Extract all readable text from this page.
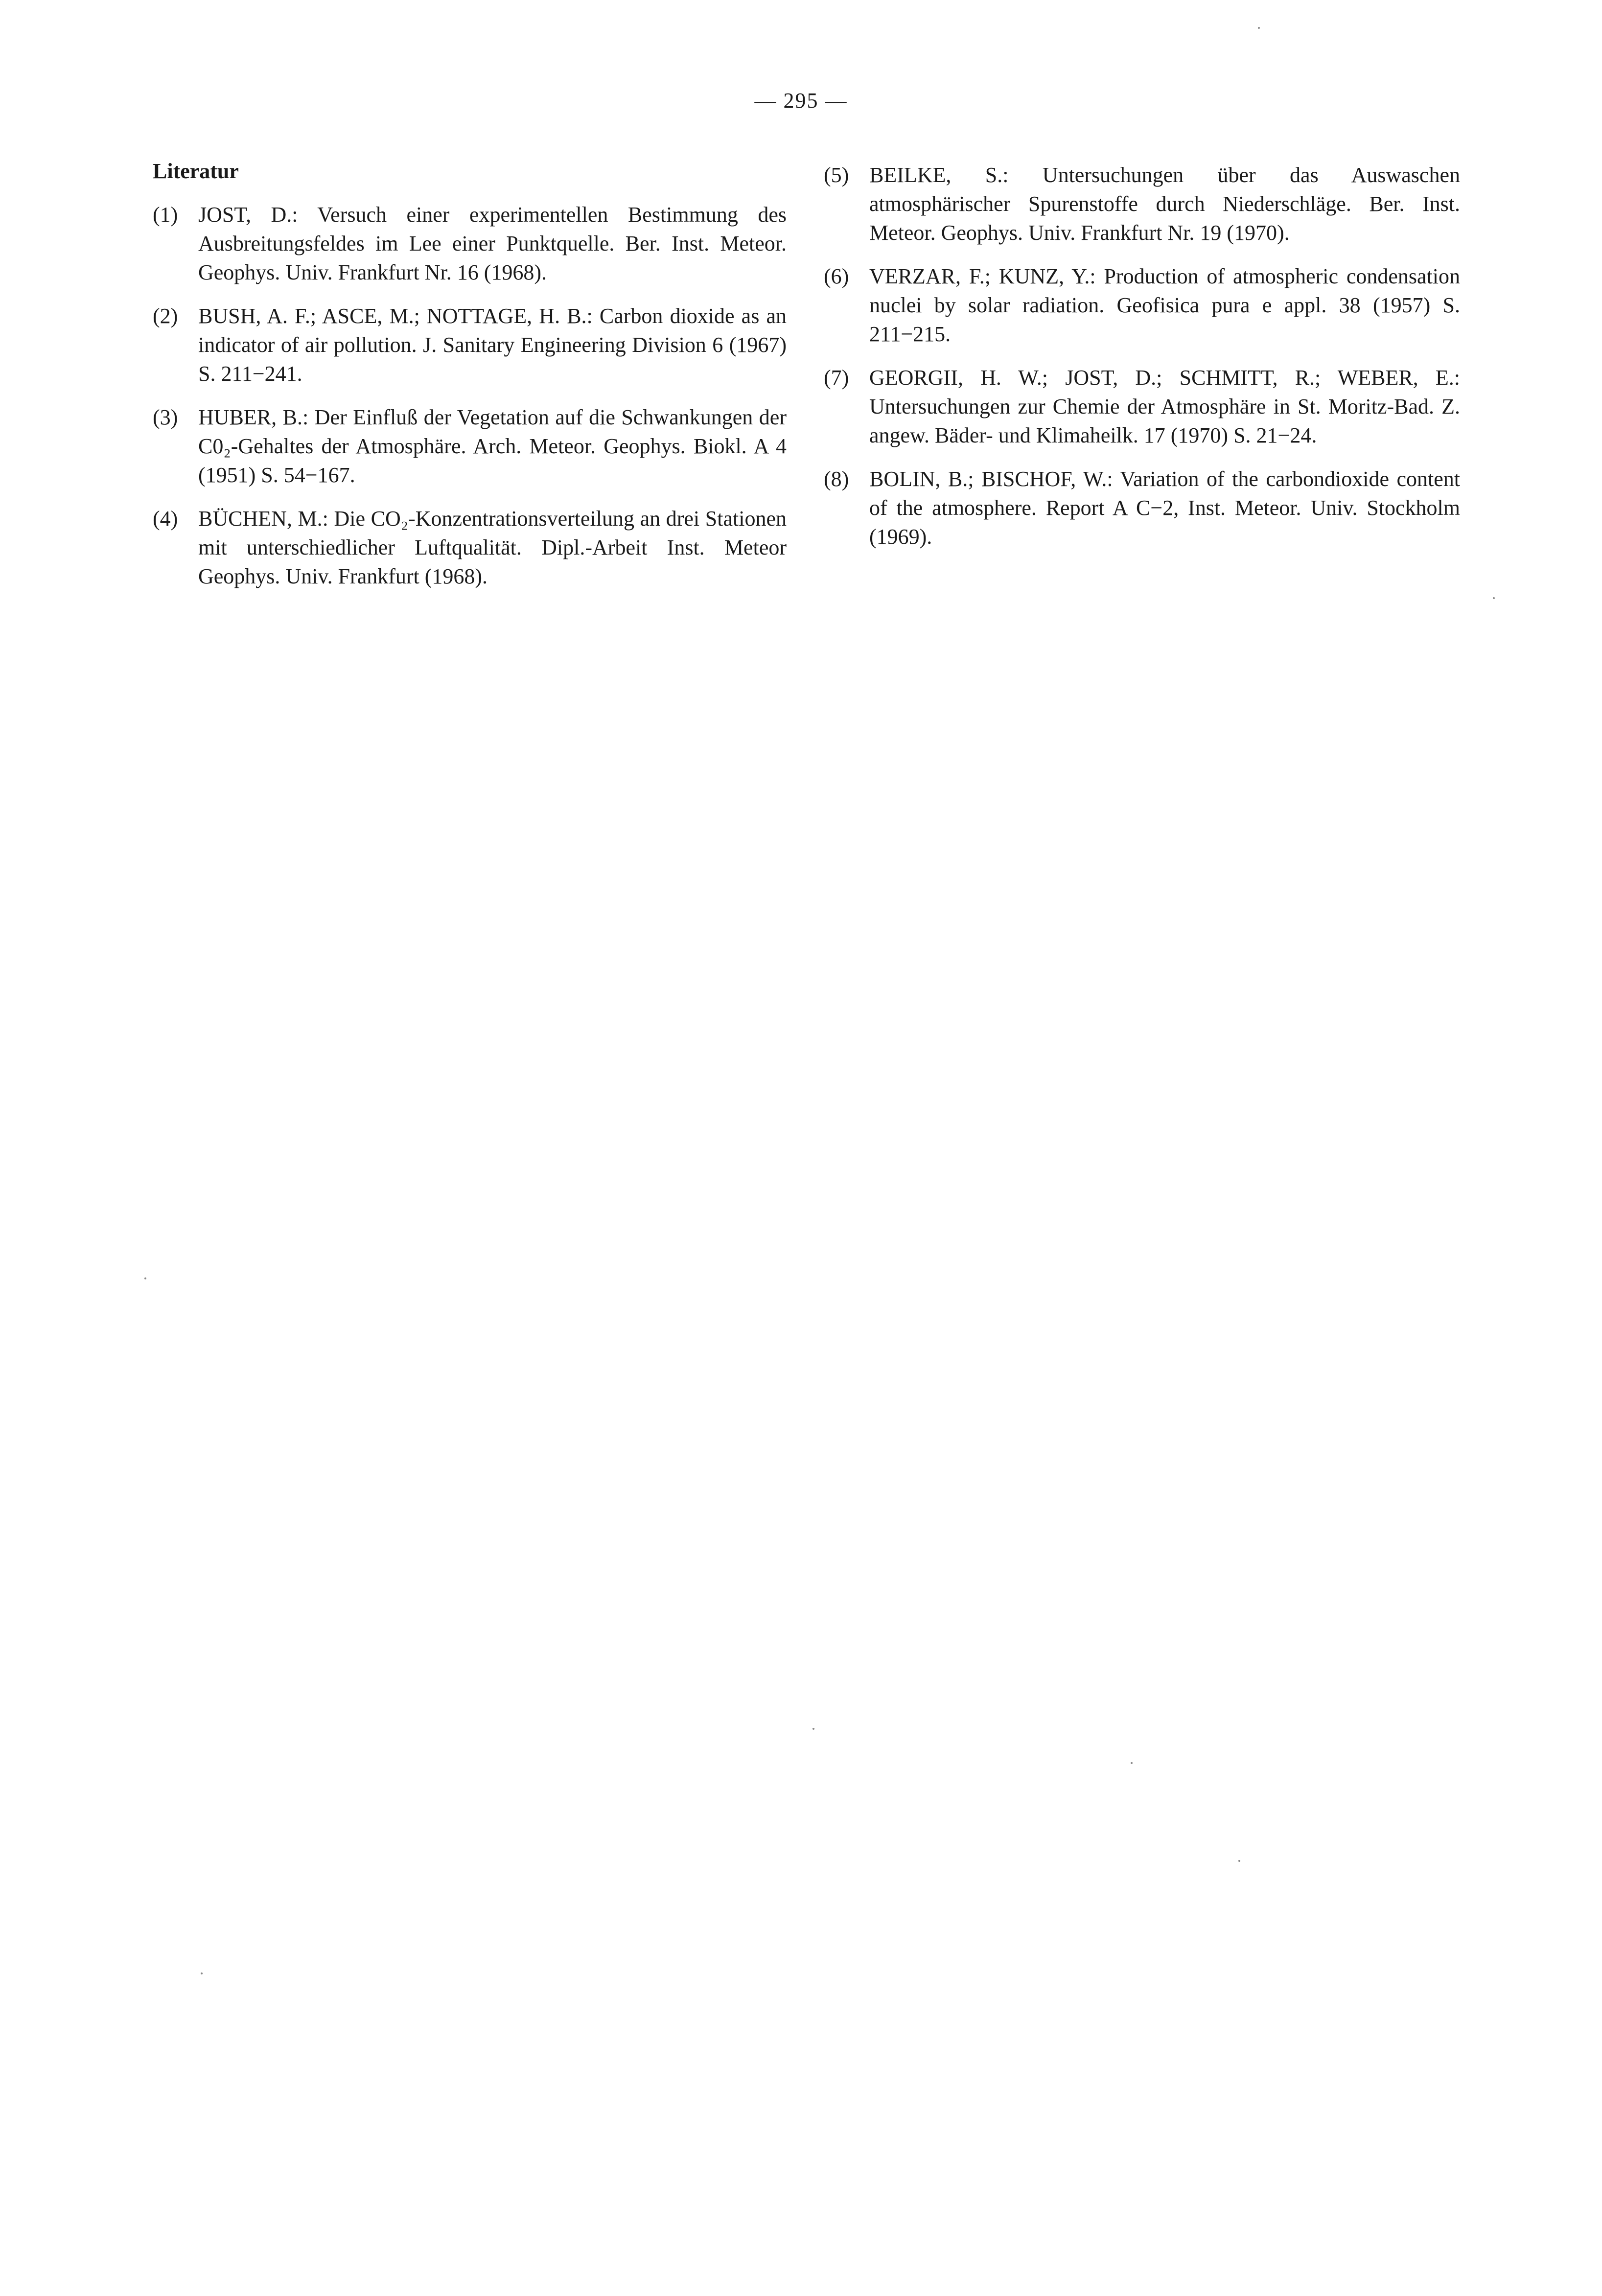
— 295 —
Literatur
(1) JOST, D.: Versuch einer experimentellen Bestimmung des Ausbreitungsfeldes im Lee einer Punktquelle. Ber. Inst. Meteor. Geophys. Univ. Frankfurt Nr. 16 (1968).
(2) BUSH, A. F.; ASCE, M.; NOTTAGE, H. B.: Carbon dioxide as an indicator of air pollution. J. Sanitary Engineering Division 6 (1967) S. 211−241.
(3) HUBER, B.: Der Einfluß der Vegetation auf die Schwankungen der C0₂-Gehaltes der Atmosphäre. Arch. Meteor. Geophys. Biokl. A 4 (1951) S. 54−167.
(4) BÜCHEN, M.: Die CO₂-Konzentrationsverteilung an drei Stationen mit unterschiedlicher Luftqualität. Dipl.-Arbeit Inst. Meteor Geophys. Univ. Frankfurt (1968).
(5) BEILKE, S.: Untersuchungen über das Auswaschen atmosphärischer Spurenstoffe durch Niederschläge. Ber. Inst. Meteor. Geophys. Univ. Frankfurt Nr. 19 (1970).
(6) VERZAR, F.; KUNZ, Y.: Production of atmospheric condensation nuclei by solar radiation. Geofisica pura e appl. 38 (1957) S. 211−215.
(7) GEORGII, H. W.; JOST, D.; SCHMITT, R.; WEBER, E.: Untersuchungen zur Chemie der Atmosphäre in St. Moritz-Bad. Z. angew. Bäder- und Klimaheilk. 17 (1970) S. 21−24.
(8) BOLIN, B.; BISCHOF, W.: Variation of the carbondioxide content of the atmosphere. Report A C−2, Inst. Meteor. Univ. Stockholm (1969).
